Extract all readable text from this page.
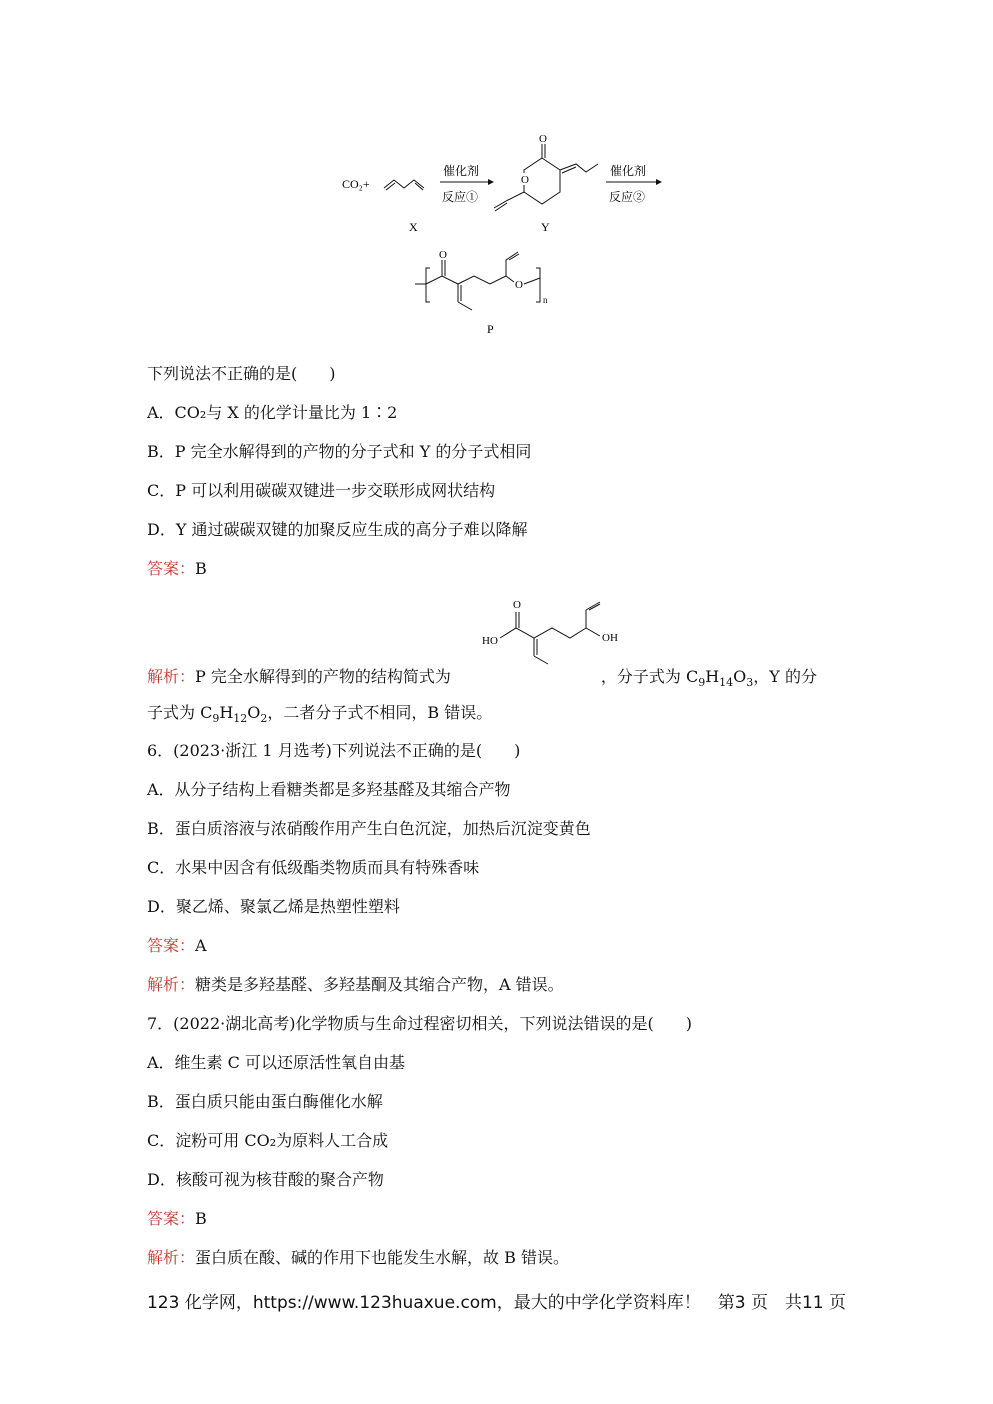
CO₂+
催化剂
反应①
O
O
催化剂
反应②
X	Y
O
O
n
P
下列说法不正确的是(　　)
A．CO₂与 X 的化学计量比为 1∶2
B．P 完全水解得到的产物的分子式和 Y 的分子式相同
C．P 可以利用碳碳双键进一步交联形成网状结构
D．Y 通过碳碳双键的加聚反应生成的高分子难以降解
答案：B
O
HO	OH
解析：P 完全水解得到的产物的结构简式为	，分子式为 $C_9H_{14}O_3$，Y 的分
子式为 $C_9H_{12}O_2$，二者分子式不相同，B 错误。
6．(2023·浙江 1 月选考)下列说法不正确的是(　　)
A．从分子结构上看糖类都是多羟基醛及其缩合产物
B．蛋白质溶液与浓硝酸作用产生白色沉淀，加热后沉淀变黄色
C．水果中因含有低级酯类物质而具有特殊香味
D．聚乙烯、聚氯乙烯是热塑性塑料
答案：A
解析：糖类是多羟基醛、多羟基酮及其缩合产物，A 错误。
7．(2022·湖北高考)化学物质与生命过程密切相关，下列说法错误的是(　　)
A．维生素 C 可以还原活性氧自由基
B．蛋白质只能由蛋白酶催化水解
C．淀粉可用 CO₂为原料人工合成
D．核酸可视为核苷酸的聚合产物
答案：B
解析：蛋白质在酸、碱的作用下也能发生水解，故 B 错误。
123 化学网，https://www.123huaxue.com，最大的中学化学资料库！　第3 页　共11 页
